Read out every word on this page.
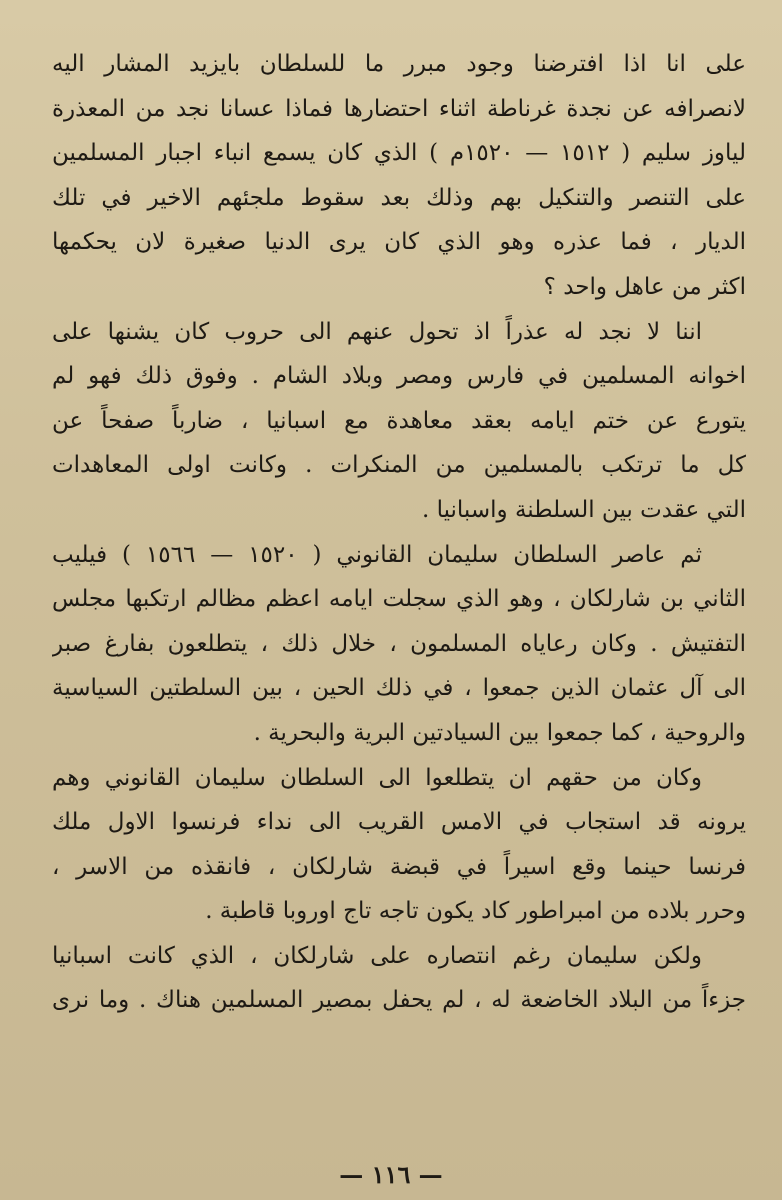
على انا اذا افترضنا وجود مبرر ما للسلطان بايزيد المشار اليه
لانصرافه عن نجدة غرناطة اثناء احتضارها فماذا عسانا نجد من المعذرة
لياوز سليم ( ١٥١٢ — ١٥٢٠م ) الذي كان يسمع انباء اجبار المسلمين
على التنصر والتنكيل بهم وذلك بعد سقوط ملجئهم الاخير في تلك
الديار ، فما عذره وهو الذي كان يرى الدنيا صغيرة لان يحكمها
اكثر من عاهل واحد ؟
اننا لا نجد له عذراً اذ تحول عنهم الى حروب كان يشنها على
اخوانه المسلمين في فارس ومصر وبلاد الشام . وفوق ذلك فهو لم
يتورع عن ختم ايامه بعقد معاهدة مع اسبانيا ، ضارباً صفحاً عن
كل ما ترتكب بالمسلمين من المنكرات . وكانت اولى المعاهدات
التي عقدت بين السلطنة واسبانيا .
ثم عاصر السلطان سليمان القانوني ( ١٥٢٠ — ١٥٦٦ ) فيليب
الثاني بن شارلكان ، وهو الذي سجلت ايامه اعظم مظالم ارتكبها مجلس
التفتيش . وكان رعاياه المسلمون ، خلال ذلك ، يتطلعون بفارغ صبر
الى آل عثمان الذين جمعوا ، في ذلك الحين ، بين السلطتين السياسية
والروحية ، كما جمعوا بين السيادتين البرية والبحرية .
وكان من حقهم ان يتطلعوا الى السلطان سليمان القانوني وهم
يرونه قد استجاب في الامس القريب الى نداء فرنسوا الاول ملك
فرنسا حينما وقع اسيراً في قبضة شارلكان ، فانقذه من الاسر ،
وحرر بلاده من امبراطور كاد يكون تاجه تاج اوروبا قاطبة .
ولكن سليمان رغم انتصاره على شارلكان ، الذي كانت اسبانيا
جزءاً من البلاد الخاضعة له ، لم يحفل بمصير المسلمين هناك . وما نرى
— ١١٦ —
